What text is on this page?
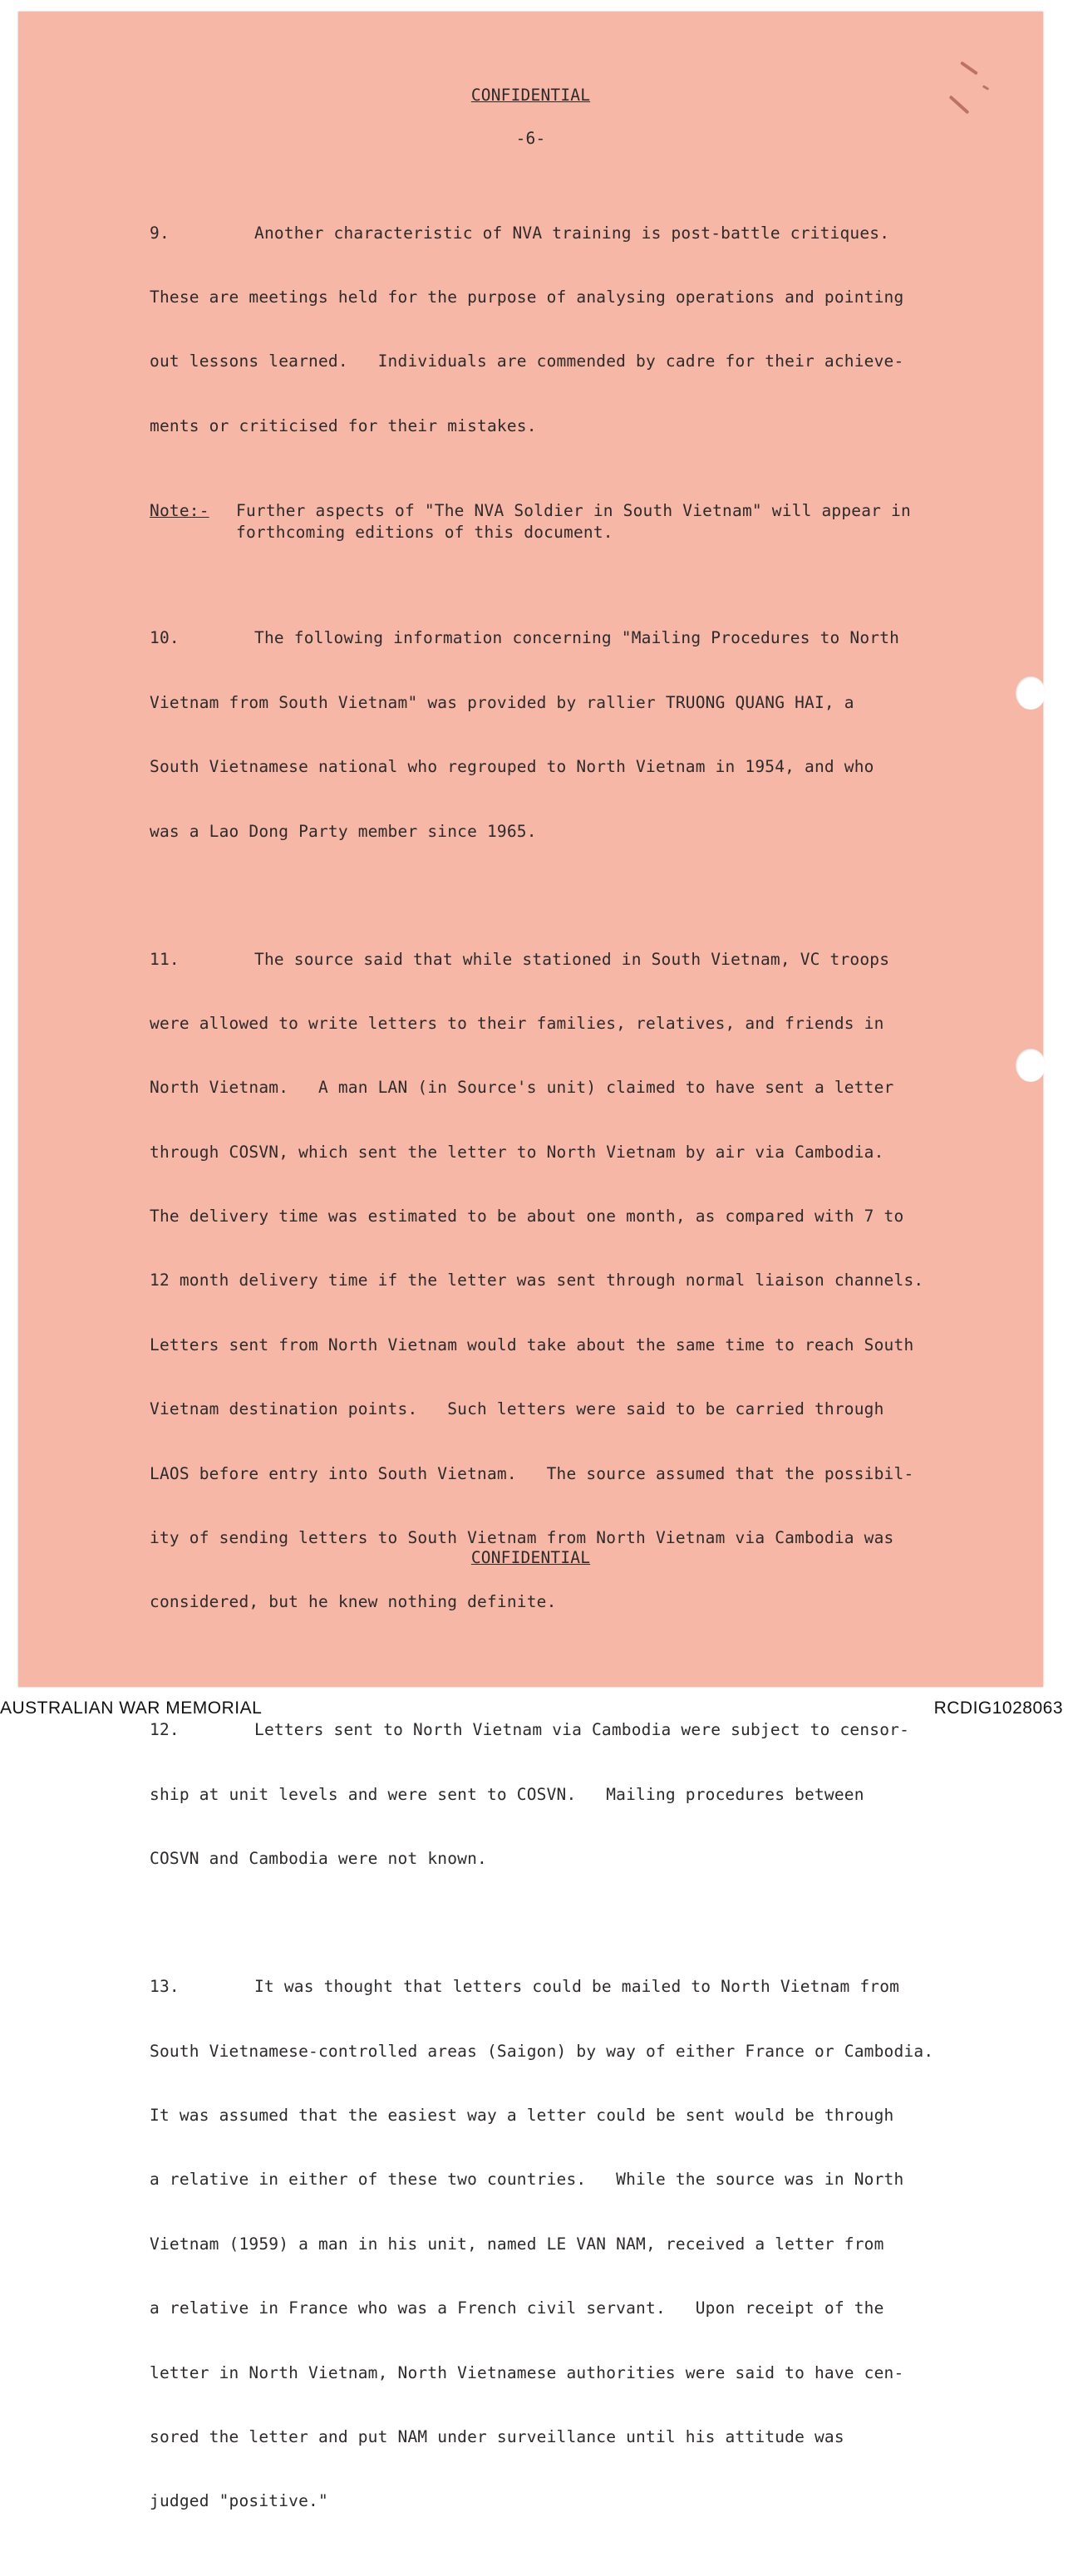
CONFIDENTIAL
-6-

9.	Another characteristic of NVA training is post-battle critiques.

These are meetings held for the purpose of analysing operations and pointing

out lessons learned.   Individuals are commended by cadre for their achieve-

ments or criticised for their mistakes.

Note:-	Further aspects of "The NVA Soldier in South Vietnam" will appear in
forthcoming editions of this document.

10.	The following information concerning "Mailing Procedures to North

Vietnam from South Vietnam" was provided by rallier TRUONG QUANG HAI, a

South Vietnamese national who regrouped to North Vietnam in 1954, and who

was a Lao Dong Party member since 1965.

11.	The source said that while stationed in South Vietnam, VC troops

were allowed to write letters to their families, relatives, and friends in

North Vietnam.   A man LAN (in Source's unit) claimed to have sent a letter

through COSVN, which sent the letter to North Vietnam by air via Cambodia.

The delivery time was estimated to be about one month, as compared with 7 to

12 month delivery time if the letter was sent through normal liaison channels.

Letters sent from North Vietnam would take about the same time to reach South

Vietnam destination points.   Such letters were said to be carried through

LAOS before entry into South Vietnam.   The source assumed that the possibil-

ity of sending letters to South Vietnam from North Vietnam via Cambodia was

considered, but he knew nothing definite.

12.	Letters sent to North Vietnam via Cambodia were subject to censor-

ship at unit levels and were sent to COSVN.   Mailing procedures between

COSVN and Cambodia were not known.

13.	It was thought that letters could be mailed to North Vietnam from

South Vietnamese-controlled areas (Saigon) by way of either France or Cambodia.

It was assumed that the easiest way a letter could be sent would be through

a relative in either of these two countries.   While the source was in North

Vietnam (1959) a man in his unit, named LE VAN NAM, received a letter from

a relative in France who was a French civil servant.   Upon receipt of the

letter in North Vietnam, North Vietnamese authorities were said to have cen-

sored the letter and put NAM under surveillance until his attitude was

judged "positive."

CONFIDENTIAL
AUSTRALIAN WAR MEMORIAL	RCDIG1028063
